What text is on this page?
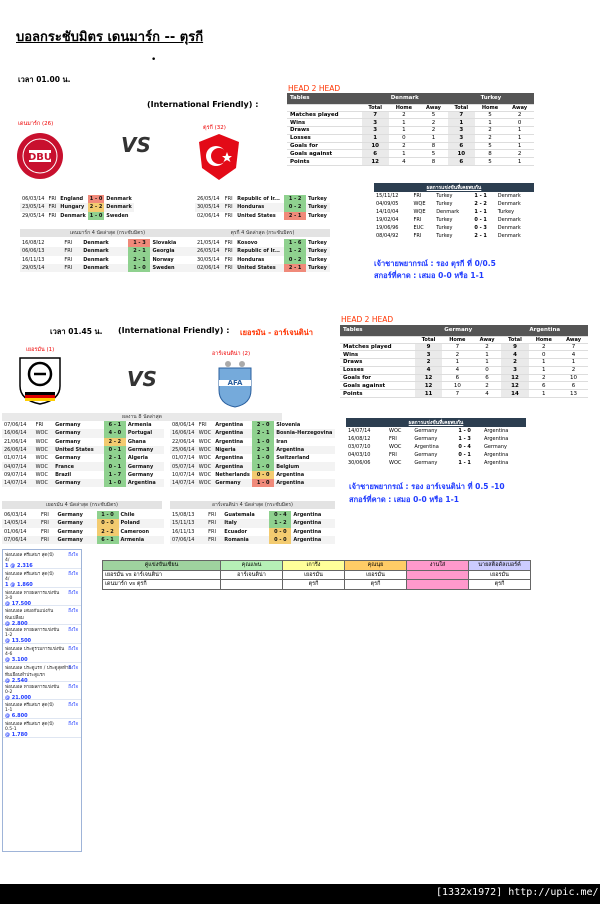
บอลกระชับมิตร เดนมาร์ก -- ตุรกี
•
เวลา 01.00 น.
(International Friendly) :
เดนมาร์ก (26)
ตุรกี (32)
DBU
VS
06/03/14	FRI	England	1 - 0	Denmark
23/05/14	FRI	Hungary	2 - 2	Denmark
29/05/14	FRI	Denmark	1 - 0	Sweden
26/05/14	FRI	Republic of Ir...	1 - 2	Turkey
30/05/14	FRI	Honduras	0 - 2	Turkey
02/06/14	FRI	United States	2 - 1	Turkey
เดนมาร์ก 4 นัดล่าสุด (กระชับมิตร)	ตุรกี 4 นัดล่าสุด (กระชับมิตร)
16/08/12	FRI	Denmark	1 - 3	Slovakia
06/06/13	FRI	Denmark	2 - 1	Georgia
16/11/13	FRI	Denmark	2 - 1	Norway
29/05/14	FRI	Denmark	1 - 0	Sweden
21/05/14	FRI	Kosovo	1 - 6	Turkey
26/05/14	FRI	Republic of Ir...	1 - 2	Turkey
30/05/14	FRI	Honduras	0 - 2	Turkey
02/06/14	FRI	United States	2 - 1	Turkey
HEAD 2 HEAD
Tables	Denmark			Turkey		
	Total	Home	Away	Total	Home	Away
Matches played	7	2	5	7	5	2
Wins	3	1	2	1	1	0
Draws	3	1	2	3	2	1
Losses	1	0	1	3	2	1
Goals for	10	2	8	6	5	1
Goals against	6	1	5	10	8	2
Points	12	4	8	6	5	1
ผลการแข่งขันที่เคยพบกัน				
15/11/12	FRI	Turkey	1 - 1	Denmark
04/09/05	WQE	Turkey	2 - 2	Denmark
14/10/04	WQE	Denmark	1 - 1	Turkey
19/02/04	FRI	Turkey	0 - 1	Denmark
19/06/96	EUC	Turkey	0 - 3	Denmark
08/04/92	FRI	Turkey	2 - 1	Denmark
เจ้าชายพยากรณ์ : รอง ตุรกี ที่ 0/0.5
สกอร์ที่คาด : เสมอ 0-0 หรือ 1-1
เวลา 01.45 น. (International Friendly) : เยอรมัน - อาร์เจนติน่า
เยอรมัน (1)
อาร์เจนติน่า (2)
VS	AFA
ผลงาน 8 นัดล่าสุด
07/06/14	FRI	Germany	6 - 1	Armenia
16/06/14	WOC	Germany	4 - 0	Portugal
21/06/14	WOC	Germany	2 - 2	Ghana
26/06/14	WOC	United States	0 - 1	Germany
01/07/14	WOC	Germany	2 - 1	Algeria
04/07/14	WOC	France	0 - 1	Germany
09/07/14	WOC	Brazil	1 - 7	Germany
14/07/14	WOC	Germany	1 - 0	Argentina
08/06/14	FRI	Argentina	2 - 0	Slovenia
16/06/14	WOC	Argentina	2 - 1	Bosnia-Herzegovina
22/06/14	WOC	Argentina	1 - 0	Iran
25/06/14	WOC	Nigeria	2 - 3	Argentina
01/07/14	WOC	Argentina	1 - 0	Switzerland
05/07/14	WOC	Argentina	1 - 0	Belgium
10/07/14	WOC	Netherlands	0 - 0	Argentina
14/07/14	WOC	Germany	1 - 0	Argentina
เยอรมัน 4 นัดล่าสุด (กระชับมิตร)	อาร์เจนติน่า 4 นัดล่าสุด (กระชับมิตร)
06/03/14	FRI	Germany	1 - 0	Chile
14/05/14	FRI	Germany	0 - 0	Poland
01/06/14	FRI	Germany	2 - 2	Cameroon
07/06/14	FRI	Germany	6 - 1	Armenia
15/08/13	FRI	Guatemala	0 - 4	Argentina
15/11/13	FRI	Italy	1 - 2	Argentina
16/11/13	FRI	Ecuador	0 - 0	Argentina
07/06/14	FRI	Romania	0 - 0	Argentina
HEAD 2 HEAD
Tables	Germany			Argentina		
	Total	Home	Away	Total	Home	Away
Matches played	9	7	2	9	2	7
Wins	3	2	1	4	0	4
Draws	2	1	1	2	1	1
Losses	4	4	0	3	1	2
Goals for	12	6	6	12	2	10
Goals against	12	10	2	12	6	6
Points	11	7	4	14	1	13
ผลการแข่งขันที่เคยพบกัน				
14/07/14	WOC	Germany	1 - 0	Argentina
16/08/12	FRI	Germany	1 - 3	Argentina
03/07/10	WOC	Argentina	0 - 4	Germany
04/03/10	FRI	Germany	0 - 1	Argentina
30/06/06	WOC	Germany	1 - 1	Argentina
เจ้าชายพยากรณ์ : รอง อาร์เจนติน่า ที่ 0.5 -10
สกอร์ที่คาด : เสมอ 0-0 หรือ 1-1
คู่แข่งขันเซียน	คุณแพน	เการึง	คุณนุย	งานใส่	นายสต็อดัลเบอร์ค์
เยอรมัน vs อาร์เจนติน่า	อาร์เจนติน่า	เยอรมัน	เยอรมัน		เยอรมัน
เดนมาร์ก vs ตุรกี		ตุรกี	ตุรกี		ตุรกี
ฟอนบอล ศรีแสนฯ สุด(ป์)
4/
1 @ 2.316
ถึงใจ
ฟอนบอล ศรีแสนฯ สุด(ป์)
4/
1 @ 1.860
ถึงใจ
ฟอนบอล ทายผลการแข่งขัน
3-0
@ 17.500
ถึงใจ
ฟอนบอล เสมอกันแบ่งกัน
พันเปลือม
@ 2.800
ถึงใจ
ฟอนบอล ทายผลการแข่งขัน
1-2
@ 13.500
ถึงใจ
ฟอนบอล ประตูรวมการแข่งขัน
4-6
@ 3.100
ถึงใจ
ฟอนบอล ประตูแรก / ประตูสุดท้าย
ทีมเยือนทำประตูแรก
@ 2.540
ถึงใจ
ฟอนบอล ทายผลการแข่งขัน
0-2
@ 21.000
ถึงใจ
ฟอนบอล ศรีแสนฯ สุด(ป์)
1-1
@ 6.800
ถึงใจ
ฟอนบอล ศรีแสนฯ สุด(ป์)
0.5-1
@ 1.780
ถึงใจ
[1332x1972] http://upic.me/
